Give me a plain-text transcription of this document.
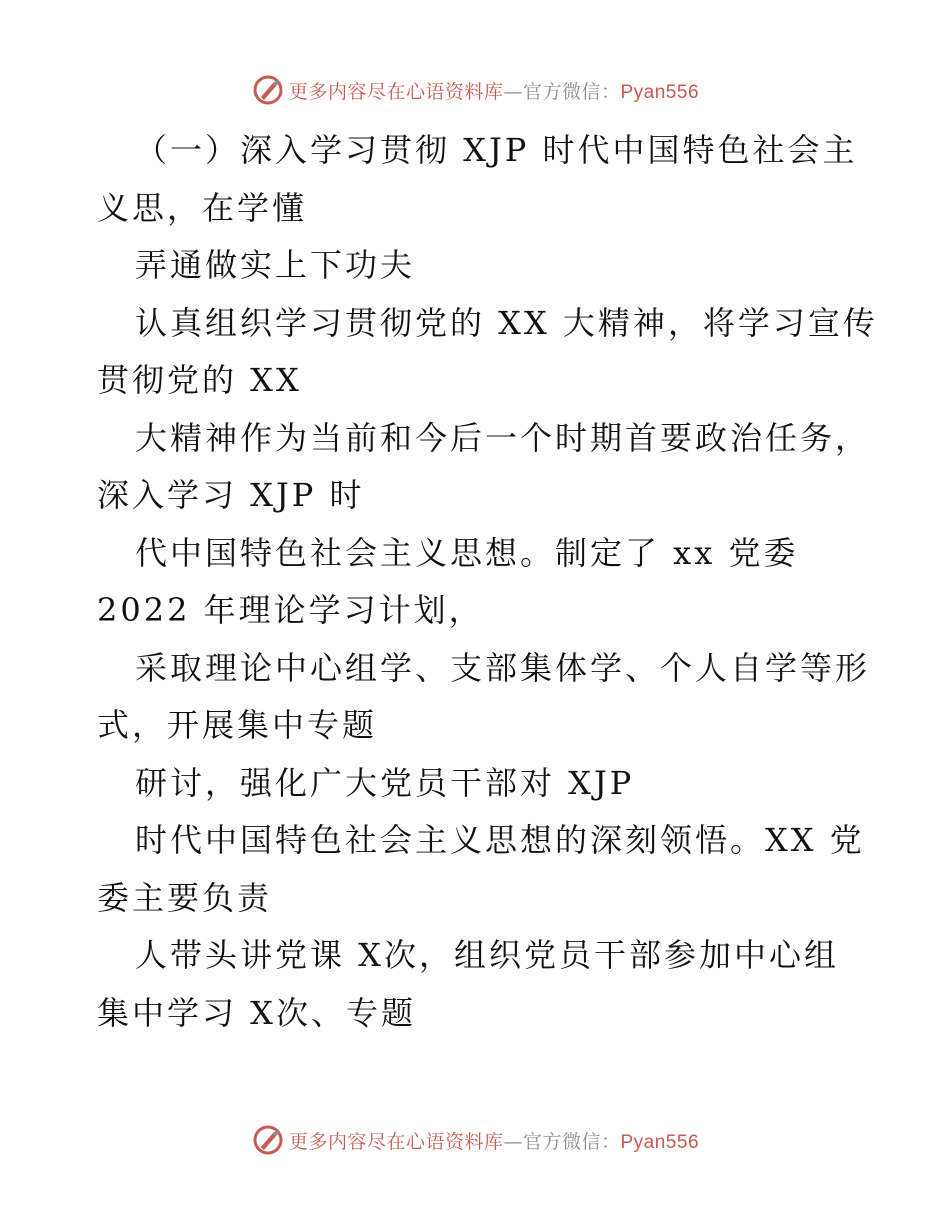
更多内容尽在心语资料库—官方微信：Pyan556
（一）深入学习贯彻 XJP 时代中国特色社会主
义思，在学懂
弄通做实上下功夫
认真组织学习贯彻党的 XX 大精神，将学习宣传
贯彻党的 XX
大精神作为当前和今后一个时期首要政治任务，
深入学习 XJP 时
代中国特色社会主义思想。制定了 xx 党委
2022 年理论学习计划，
采取理论中心组学、支部集体学、个人自学等形
式，开展集中专题
研讨，强化广大党员干部对 XJP
时代中国特色社会主义思想的深刻领悟。XX 党
委主要负责
人带头讲党课 X次，组织党员干部参加中心组
集中学习 X次、专题
更多内容尽在心语资料库—官方微信：Pyan556
